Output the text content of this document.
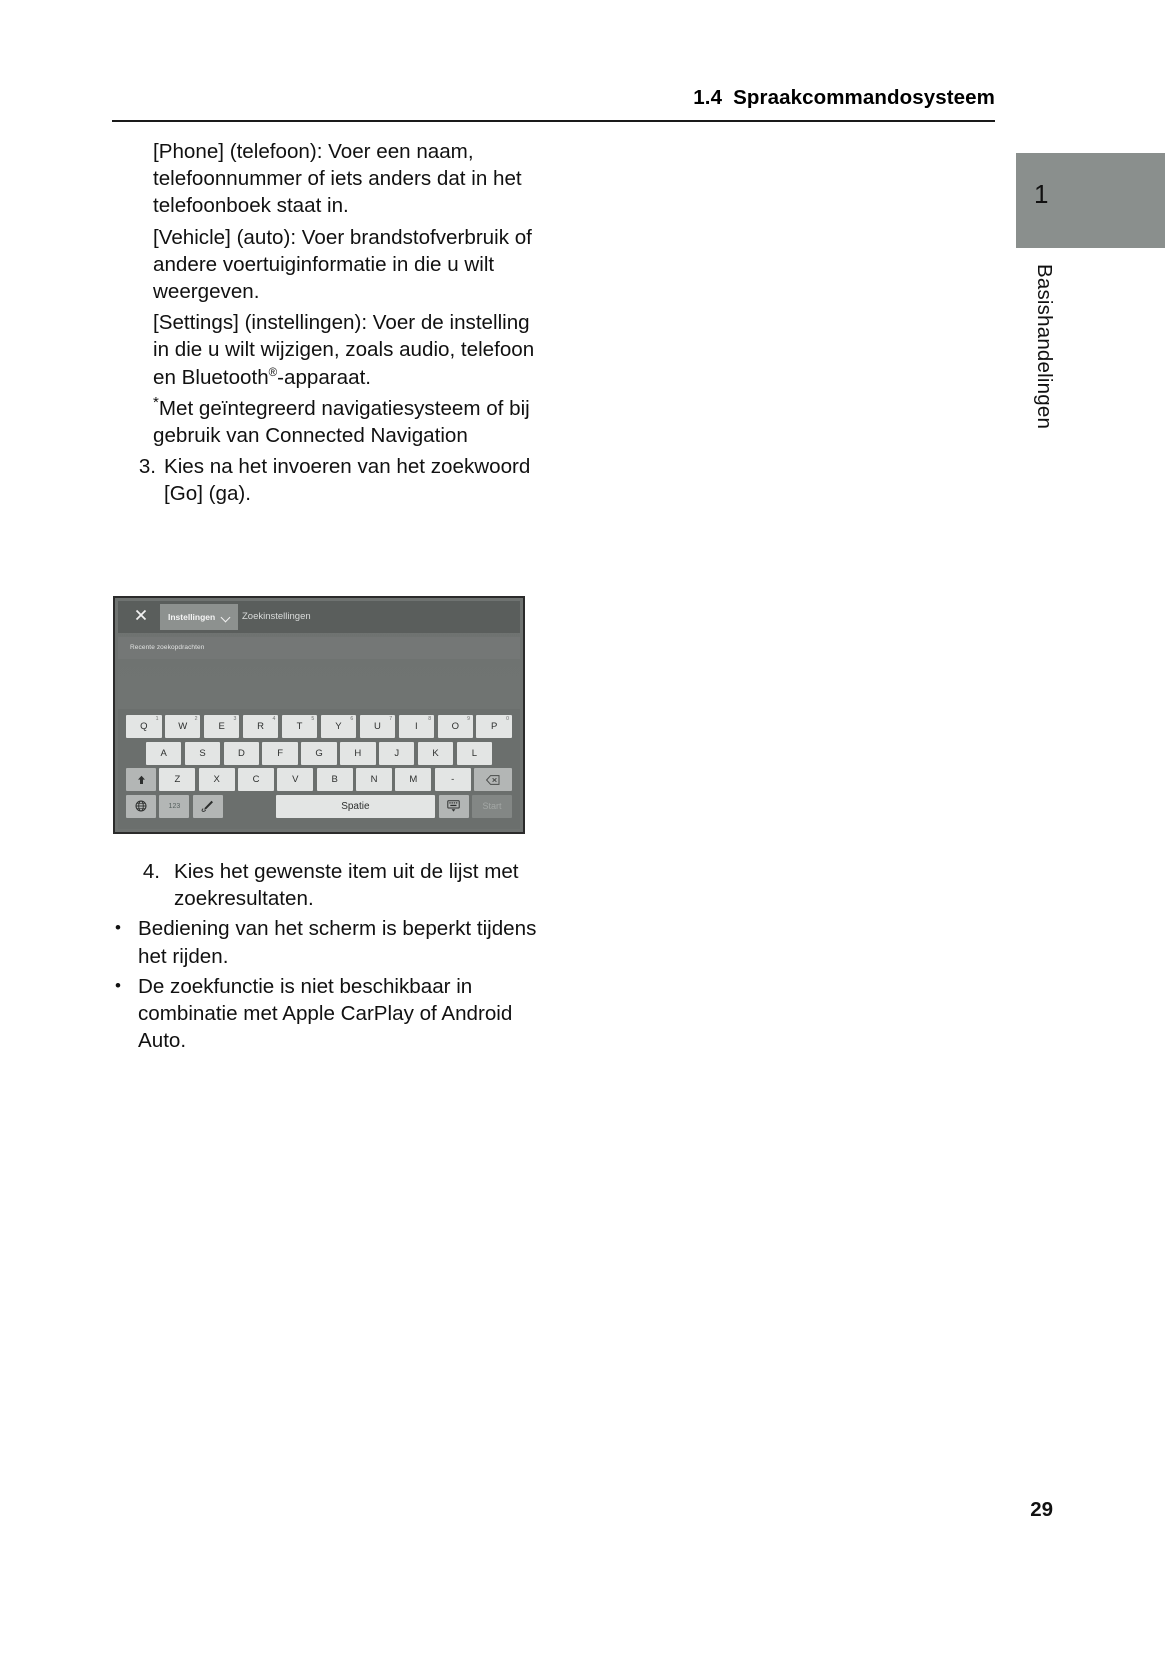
1.4 Spraakcommandosysteem
1
Basishandelingen

[Phone] (telefoon): Voer een naam, telefoonnummer of iets anders dat in het telefoonboek staat in.

[Vehicle] (auto): Voer brandstofverbruik of andere voertuiginformatie in die u wilt weergeven.

[Settings] (instellingen): Voer de instelling in die u wilt wijzigen, zoals audio, telefoon en Bluetooth®-apparaat.

*Met geïntegreerd navigatiesysteem of bij gebruik van Connected Navigation

3. Kies na het invoeren van het zoekwoord [Go] (ga).
Instellingen	Zoekinstellingen
Recente zoekopdrachten
Q
1
W
2
E
3
R
4
T
5
Y
6
U
7
I
8
O
9
P
0
A	S	D	F	G	H	J	K	L
Z	X	C	V	B	N	M	-
123	Spatie	Start
4. Kies het gewenste item uit de lijst met zoekresultaten.
• Bediening van het scherm is beperkt tijdens het rijden.
• De zoekfunctie is niet beschikbaar in combinatie met Apple CarPlay of Android Auto.
29
